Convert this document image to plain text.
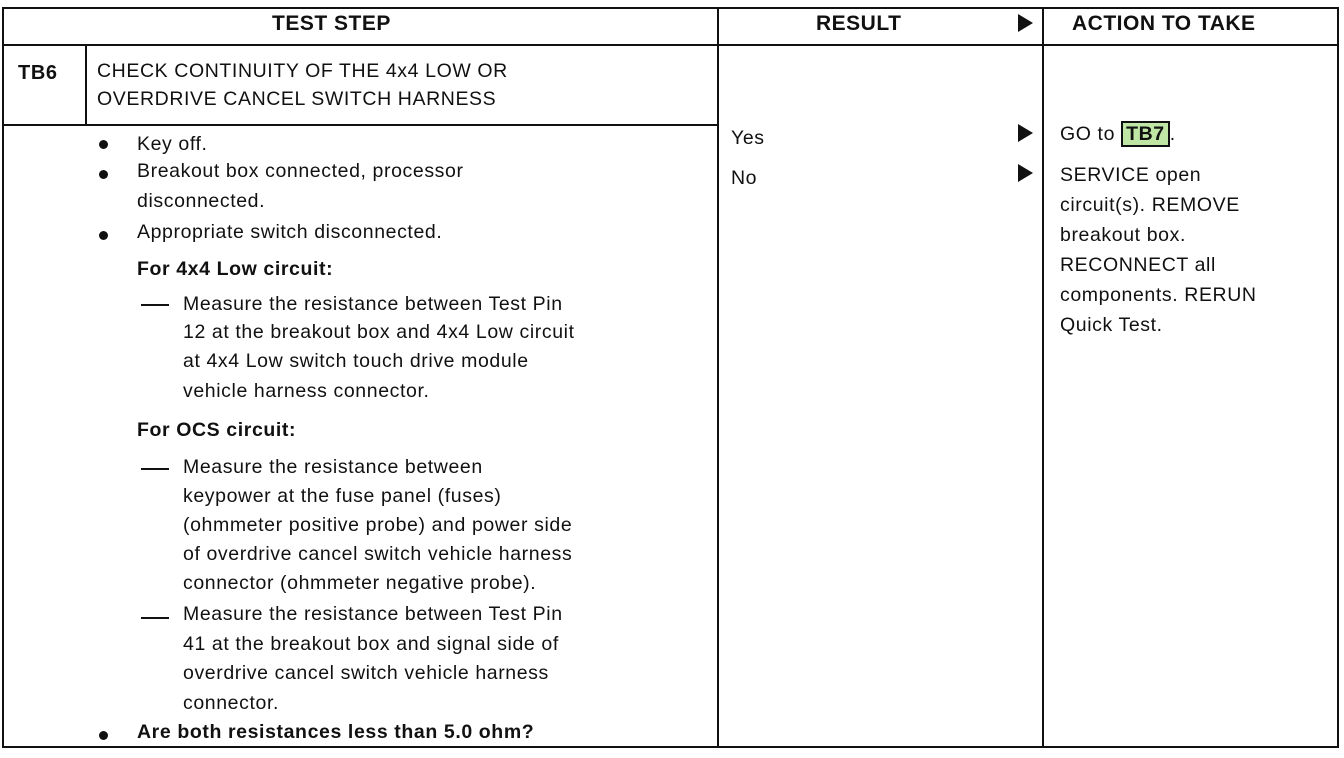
TEST STEP	RESULT	ACTION TO TAKE
TB6 CHECK CONTINUITY OF THE 4x4 LOW OR
OVERDRIVE CANCEL SWITCH HARNESS
Key off.
Breakout box connected, processor
disconnected.
Appropriate switch disconnected.
For 4x4 Low circuit:
Measure the resistance between Test Pin
12 at the breakout box and 4x4 Low circuit
at 4x4 Low switch touch drive module
vehicle harness connector.
For OCS circuit:
Measure the resistance between
keypower at the fuse panel (fuses)
(ohmmeter positive probe) and power side
of overdrive cancel switch vehicle harness
connector (ohmmeter negative probe).
Measure the resistance between Test Pin
41 at the breakout box and signal side of
overdrive cancel switch vehicle harness
connector.
Are both resistances less than 5.0 ohm?
Yes
No
GO to TB7 .
SERVICE open
circuit(s). REMOVE
breakout box.
RECONNECT all
components. RERUN
Quick Test.
